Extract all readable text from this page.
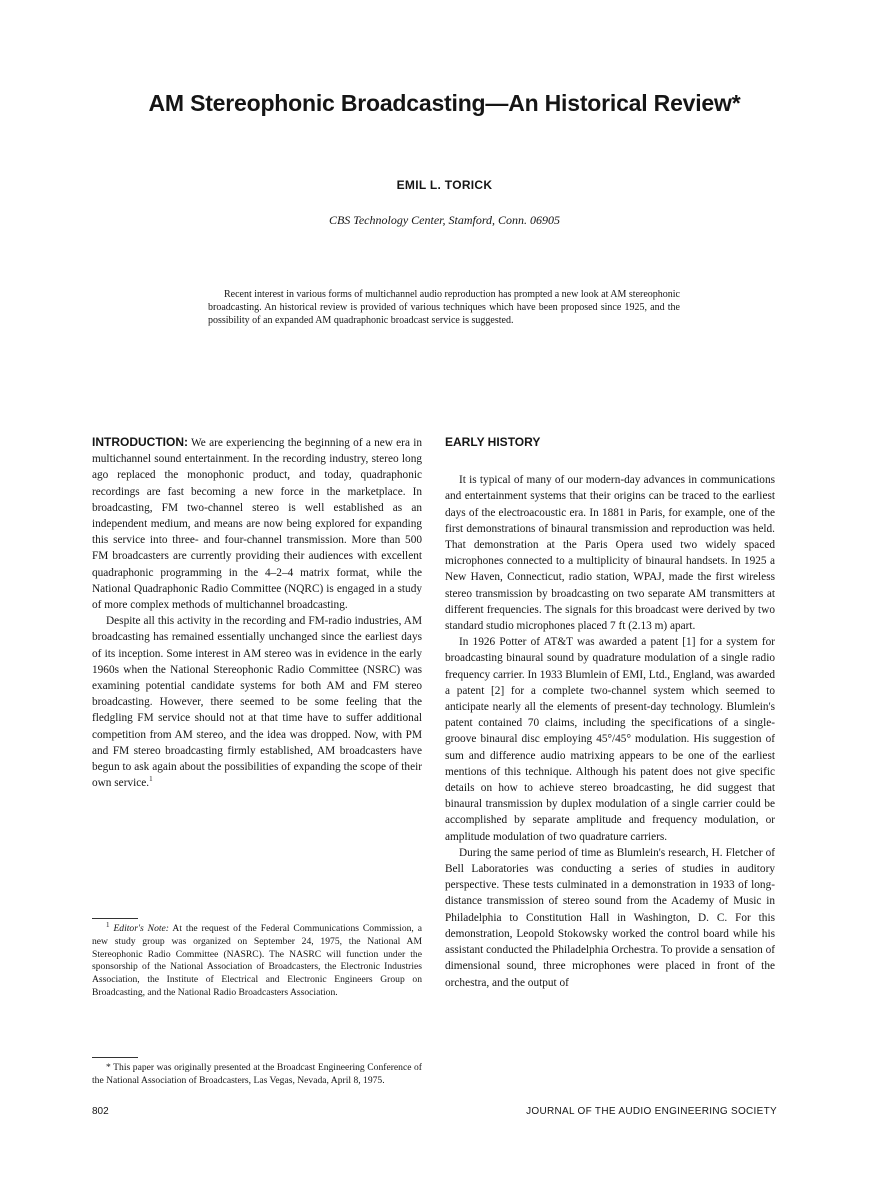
AM Stereophonic Broadcasting—An Historical Review*
EMIL L. TORICK
CBS Technology Center, Stamford, Conn. 06905

Recent interest in various forms of multichannel audio reproduction has prompted a new look at AM stereophonic broadcasting. An historical review is provided of various techniques which have been proposed since 1925, and the possibility of an expanded AM quadraphonic broadcast service is suggested.

INTRODUCTION: We are experiencing the beginning of a new era in multichannel sound entertainment. In the recording industry, stereo long ago replaced the monophonic product, and today, quadraphonic recordings are fast becoming a new force in the marketplace. In broadcasting, FM two-channel stereo is well established as an independent medium, and means are now being explored for expanding this service into three- and four-channel transmission. More than 500 FM broadcasters are currently providing their audiences with excellent quadraphonic programming in the 4–2–4 matrix format, while the National Quadraphonic Radio Committee (NQRC) is engaged in a study of more complex methods of multichannel broadcasting.

Despite all this activity in the recording and FM-radio industries, AM broadcasting has remained essentially unchanged since the earliest days of its inception. Some interest in AM stereo was in evidence in the early 1960s when the National Stereophonic Radio Committee (NSRC) was examining potential candidate systems for both AM and FM stereo broadcasting. However, there seemed to be some feeling that the fledgling FM service should not at that time have to suffer additional competition from AM stereo, and the idea was dropped. Now, with PM and FM stereo broadcasting firmly established, AM broadcasters have begun to ask again about the possibilities of expanding the scope of their own service.$^1$

EARLY HISTORY

It is typical of many of our modern-day advances in communications and entertainment systems that their origins can be traced to the earliest days of the electroacoustic era. In 1881 in Paris, for example, one of the first demonstrations of binaural transmission and reproduction was held. That demonstration at the Paris Opera used two widely spaced microphones connected to a multiplicity of binaural handsets. In 1925 a New Haven, Connecticut, radio station, WPAJ, made the first wireless stereo transmission by broadcasting on two separate AM transmitters at different frequencies. The signals for this broadcast were derived by two standard studio microphones placed 7 ft (2.13 m) apart.

In 1926 Potter of AT&T was awarded a patent [1] for a system for broadcasting binaural sound by quadrature modulation of a single radio frequency carrier. In 1933 Blumlein of EMI, Ltd., England, was awarded a patent [2] for a complete two-channel system which seemed to anticipate nearly all the elements of present-day technology. Blumlein's patent contained 70 claims, including the specifications of a single-groove binaural disc employing 45°/45° modulation. His suggestion of sum and difference audio matrixing appears to be one of the earliest mentions of this technique. Although his patent does not give specific details on how to achieve stereo broadcasting, he did suggest that binaural transmission by duplex modulation of a single carrier could be accomplished by separate amplitude and frequency modulation, or amplitude modulation of two quadrature carriers.

During the same period of time as Blumlein's research, H. Fletcher of Bell Laboratories was conducting a series of studies in auditory perspective. These tests culminated in a demonstration in 1933 of long-distance transmission of stereo sound from the Academy of Music in Philadelphia to Constitution Hall in Washington, D. C. For this demonstration, Leopold Stokowsky worked the control board while his assistant conducted the Philadelphia Orchestra. To provide a sensation of dimensional sound, three microphones were placed in front of the orchestra, and the output of

$^1$ Editor's Note: At the request of the Federal Communications Commission, a new study group was organized on September 24, 1975, the National AM Stereophonic Radio Committee (NASRC). The NASRC will function under the sponsorship of the National Association of Broadcasters, the Electronic Industries Association, the Institute of Electrical and Electronic Engineers Group on Broadcasting, and the National Radio Broadcasters Association.

* This paper was originally presented at the Broadcast Engineering Conference of the National Association of Broadcasters, Las Vegas, Nevada, April 8, 1975.

802	JOURNAL OF THE AUDIO ENGINEERING SOCIETY
